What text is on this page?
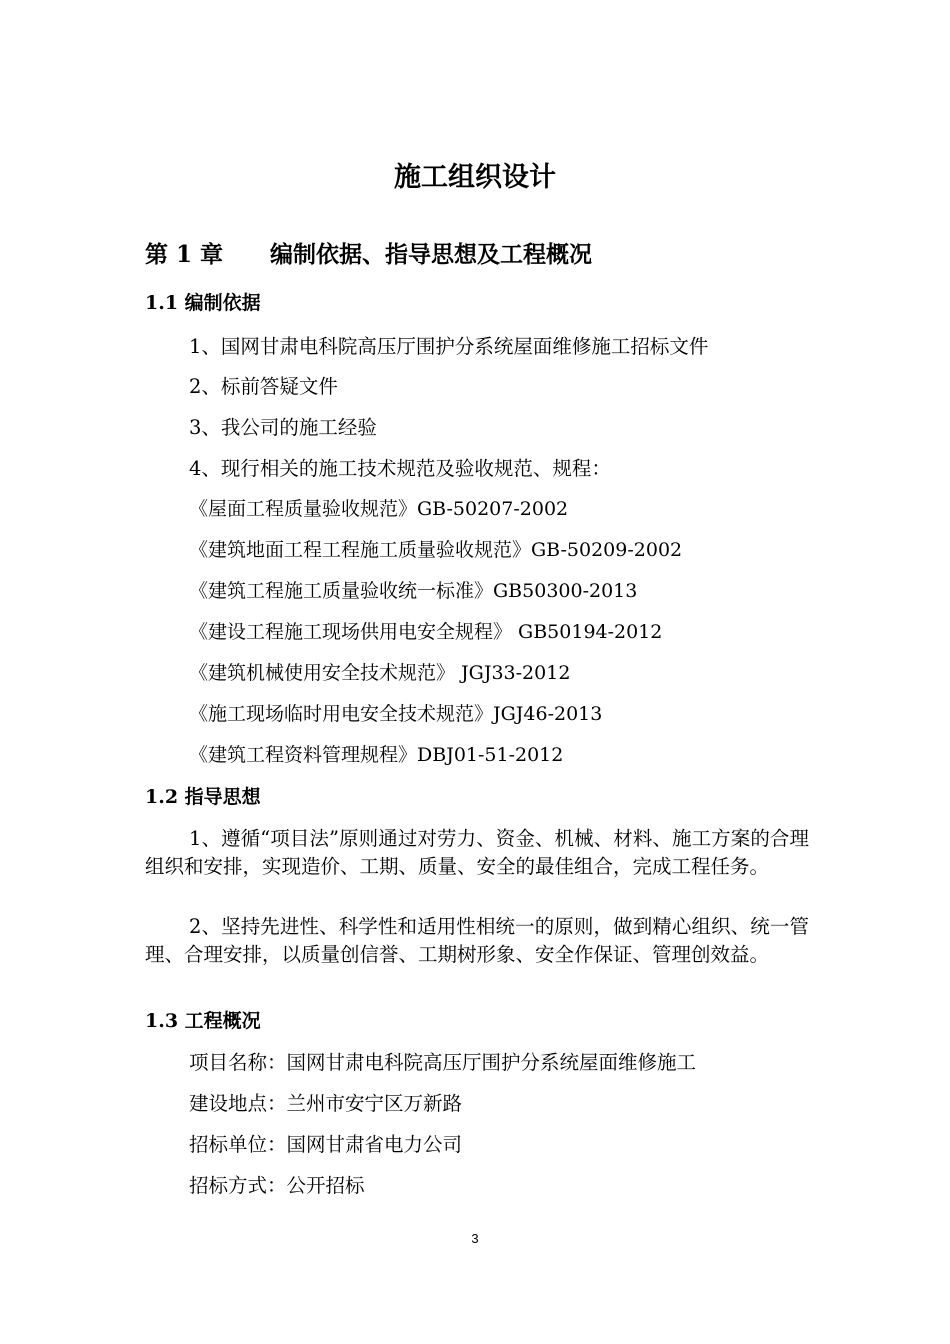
施工组织设计
第 1 章 编制依据、指导思想及工程概况
1.1 编制依据
1、国网甘肃电科院高压厅围护分系统屋面维修施工招标文件
2、标前答疑文件
3、我公司的施工经验
4、现行相关的施工技术规范及验收规范、规程：
《屋面工程质量验收规范》GB-50207-2002
《建筑地面工程工程施工质量验收规范》GB-50209-2002
《建筑工程施工质量验收统一标准》GB50300-2013
《建设工程施工现场供用电安全规程》 GB50194-2012
《建筑机械使用安全技术规范》 JGJ33-2012
《施工现场临时用电安全技术规范》JGJ46-2013
《建筑工程资料管理规程》DBJ01-51-2012
1.2 指导思想
1、遵循“项目法”原则通过对劳力、资金、机械、材料、施工方案的合理组织和安排，实现造价、工期、质量、安全的最佳组合，完成工程任务。
2、坚持先进性、科学性和适用性相统一的原则，做到精心组织、统一管理、合理安排，以质量创信誉、工期树形象、安全作保证、管理创效益。
1.3 工程概况
项目名称：国网甘肃电科院高压厅围护分系统屋面维修施工
建设地点：兰州市安宁区万新路
招标单位：国网甘肃省电力公司
招标方式：公开招标
3
